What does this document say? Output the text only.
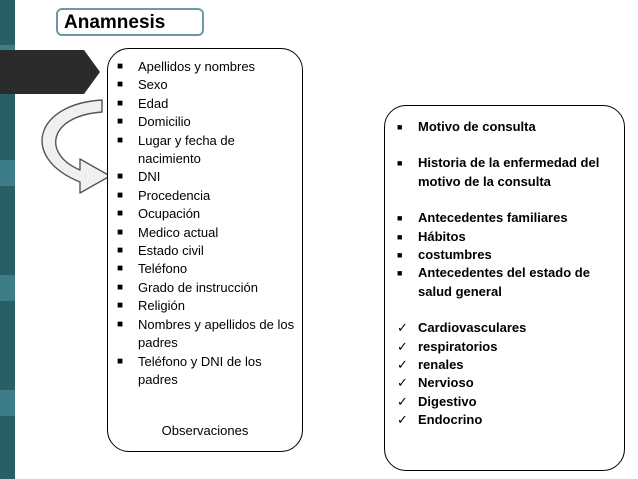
Anamnesis
■	Apellidos y nombres
■	Sexo
■	Edad
■	Domicilio
■	Lugar y fecha de nacimiento
■	DNI
■	Procedencia
■	Ocupación
■	Medico actual
■	Estado civil
■	Teléfono
■	Grado de instrucción
■	Religión
■	Nombres y apellidos de los padres
■	Teléfono y DNI de los padres
Observaciones
■	Motivo de consulta
■	Historia de la enfermedad del motivo de la consulta
■	Antecedentes familiares
■	Hábitos
■	costumbres
■	Antecedentes del estado de salud general
✓ Cardiovasculares
✓ respiratorios
✓ renales
✓ Nervioso
✓ Digestivo
✓ Endocrino
